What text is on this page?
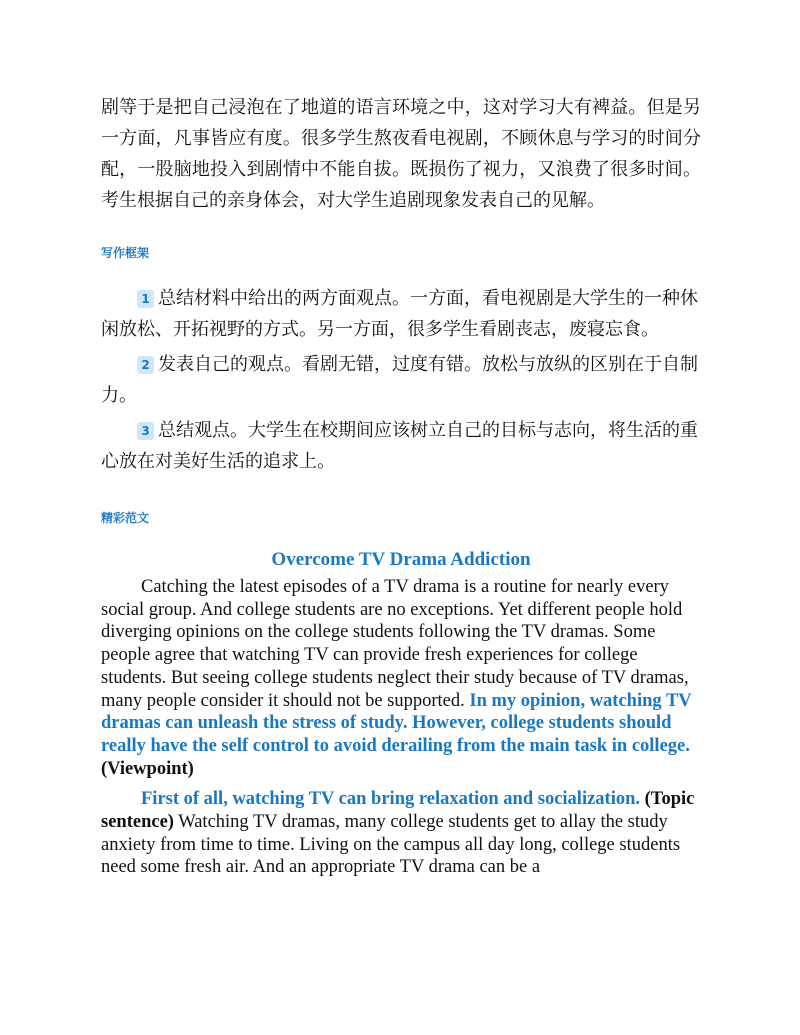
剧等于是把自己浸泡在了地道的语言环境之中，这对学习大有裨益。但是另一方面，凡事皆应有度。很多学生熬夜看电视剧，不顾休息与学习的时间分配，一股脑地投入到剧情中不能自拔。既损伤了视力，又浪费了很多时间。考生根据自己的亲身体会，对大学生追剧现象发表自己的见解。

写作框架

1 总结材料中给出的两方面观点。一方面，看电视剧是大学生的一种休闲放松、开拓视野的方式。另一方面，很多学生看剧丧志，废寝忘食。

2 发表自己的观点。看剧无错，过度有错。放松与放纵的区别在于自制力。

3 总结观点。大学生在校期间应该树立自己的目标与志向，将生活的重心放在对美好生活的追求上。

精彩范文

Overcome TV Drama Addiction

Catching the latest episodes of a TV drama is a routine for nearly every social group. And college students are no exceptions. Yet different people hold diverging opinions on the college students following the TV dramas. Some people agree that watching TV can provide fresh experiences for college students. But seeing college students neglect their study because of TV dramas, many people consider it should not be supported. In my opinion, watching TV dramas can unleash the stress of study. However, college students should really have the self control to avoid derailing from the main task in college. (Viewpoint)

First of all, watching TV can bring relaxation and socialization. (Topic sentence) Watching TV dramas, many college students get to allay the study anxiety from time to time. Living on the campus all day long, college students need some fresh air. And an appropriate TV drama can be a
